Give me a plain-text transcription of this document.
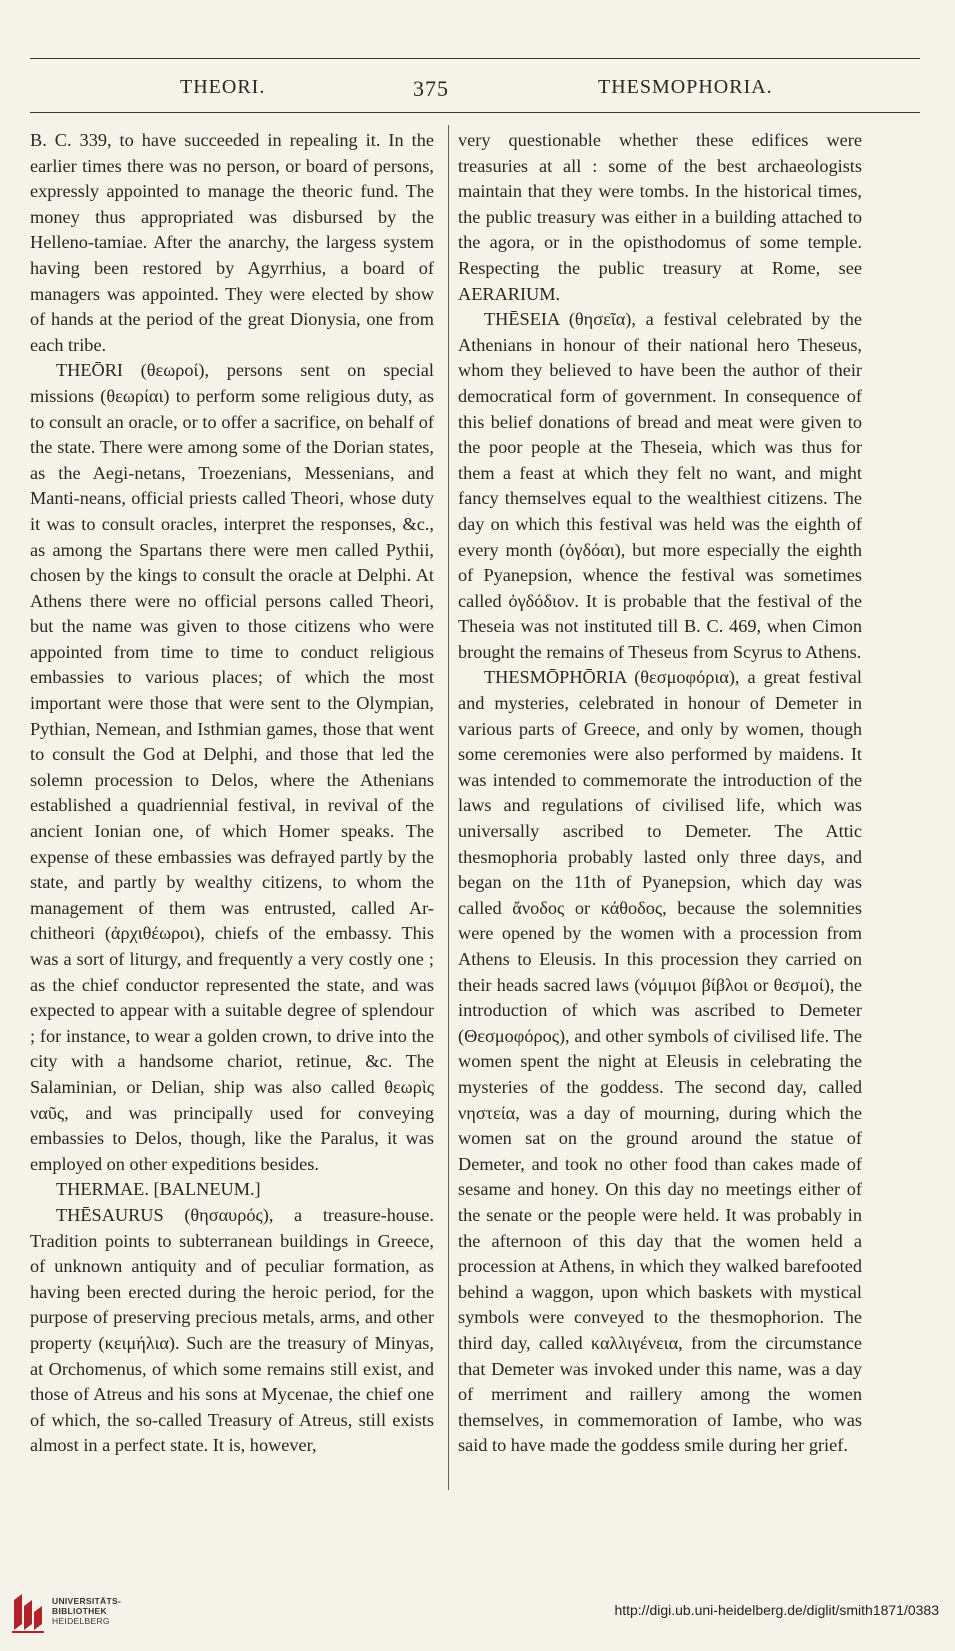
THEORI.	375	THESMOPHORIA.

B. C. 339, to have succeeded in repealing it. In the earlier times there was no person, or board of persons, expressly appointed to manage the theoric fund. The money thus appropriated was disbursed by the Helleno-tamiae. After the anarchy, the largess system having been restored by Agyrrhius, a board of managers was appointed. They were elected by show of hands at the period of the great Dionysia, one from each tribe.

THEŌRI (θεωροί), persons sent on special missions (θεωρίαι) to perform some religious duty, as to consult an oracle, or to offer a sacrifice, on behalf of the state. There were among some of the Dorian states, as the Aegi-netans, Troezenians, Messenians, and Manti-neans, official priests called Theori, whose duty it was to consult oracles, interpret the responses, &c., as among the Spartans there were men called Pythii, chosen by the kings to consult the oracle at Delphi. At Athens there were no official persons called Theori, but the name was given to those citizens who were appointed from time to time to conduct religious embassies to various places; of which the most important were those that were sent to the Olympian, Pythian, Nemean, and Isthmian games, those that went to consult the God at Delphi, and those that led the solemn procession to Delos, where the Athenians established a quadriennial festival, in revival of the ancient Ionian one, of which Homer speaks. The expense of these embassies was defrayed partly by the state, and partly by wealthy citizens, to whom the management of them was entrusted, called Ar-chitheori (ἀρχιθέωροι), chiefs of the embassy. This was a sort of liturgy, and frequently a very costly one ; as the chief conductor represented the state, and was expected to appear with a suitable degree of splendour ; for instance, to wear a golden crown, to drive into the city with a handsome chariot, retinue, &c. The Salaminian, or Delian, ship was also called θεωρὶς ναῦς, and was principally used for conveying embassies to Delos, though, like the Paralus, it was employed on other expeditions besides.

THERMAE. [BALNEUM.]

THĒSAURUS (θησαυρός), a treasure-house. Tradition points to subterranean buildings in Greece, of unknown antiquity and of peculiar formation, as having been erected during the heroic period, for the purpose of preserving precious metals, arms, and other property (κειμήλια). Such are the treasury of Minyas, at Orchomenus, of which some remains still exist, and those of Atreus and his sons at Mycenae, the chief one of which, the so-called Treasury of Atreus, still exists almost in a perfect state. It is, however,

very questionable whether these edifices were treasuries at all : some of the best archaeologists maintain that they were tombs. In the historical times, the public treasury was either in a building attached to the agora, or in the opisthodomus of some temple. Respecting the public treasury at Rome, see AERARIUM.

THĒSEIA (θησεῖα), a festival celebrated by the Athenians in honour of their national hero Theseus, whom they believed to have been the author of their democratical form of government. In consequence of this belief donations of bread and meat were given to the poor people at the Theseia, which was thus for them a feast at which they felt no want, and might fancy themselves equal to the wealthiest citizens. The day on which this festival was held was the eighth of every month (ὀγδόαι), but more especially the eighth of Pyanepsion, whence the festival was sometimes called ὀγδόδιον. It is probable that the festival of the Theseia was not instituted till B. C. 469, when Cimon brought the remains of Theseus from Scyrus to Athens.

THESMŌPHŌRIA (θεσμοφόρια), a great festival and mysteries, celebrated in honour of Demeter in various parts of Greece, and only by women, though some ceremonies were also performed by maidens. It was intended to commemorate the introduction of the laws and regulations of civilised life, which was universally ascribed to Demeter. The Attic thesmophoria probably lasted only three days, and began on the 11th of Pyanepsion, which day was called ἄνοδος or κάθοδος, because the solemnities were opened by the women with a procession from Athens to Eleusis. In this procession they carried on their heads sacred laws (νόμιμοι βίβλοι or θεσμοί), the introduction of which was ascribed to Demeter (Θεσμοφόρος), and other symbols of civilised life. The women spent the night at Eleusis in celebrating the mysteries of the goddess. The second day, called νηστεία, was a day of mourning, during which the women sat on the ground around the statue of Demeter, and took no other food than cakes made of sesame and honey. On this day no meetings either of the senate or the people were held. It was probably in the afternoon of this day that the women held a procession at Athens, in which they walked barefooted behind a waggon, upon which baskets with mystical symbols were conveyed to the thesmophorion. The third day, called καλλιγένεια, from the circumstance that Demeter was invoked under this name, was a day of merriment and raillery among the women themselves, in commemoration of Iambe, who was said to have made the goddess smile during her grief.

UNIVERSITÄTS-
BIBLIOTHEK
HEIDELBERG
http://digi.ub.uni-heidelberg.de/diglit/smith1871/0383
